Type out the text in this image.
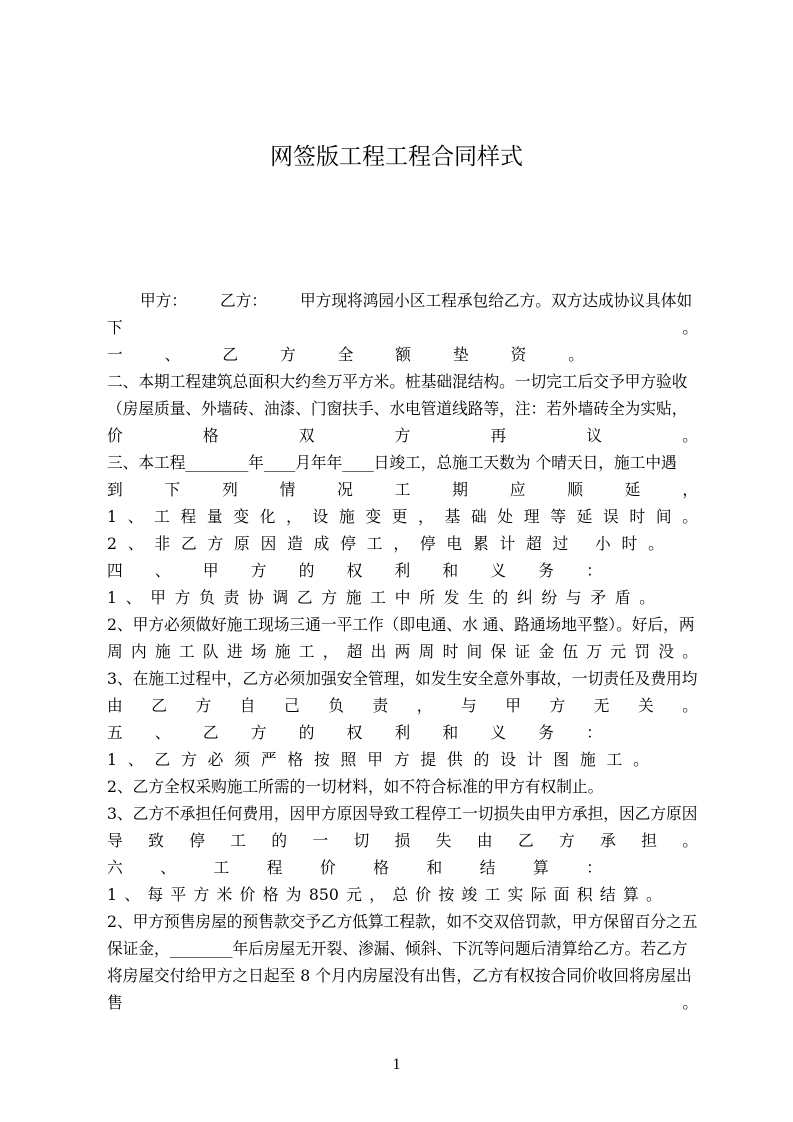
网签版工程工程合同样式
甲方： 乙方： 甲方现将鸿园小区工程承包给乙方。双方达成协议具体如
下	。
一	、	乙	方	全	额	垫	资	。
二、本期工程建筑总面积大约叁万平方米。桩基础混结构。一切完工后交予甲方验收
（房屋质量、外墙砖、油漆、门窗扶手、水电管道线路等，注：若外墙砖全为实贴，
价	格	双	方	再	议	。
三、本工程________年____月年年____日竣工，总施工天数为 个晴天日，施工中遇
到	下	列	情	况	工	期	应	顺	延	，
1 、 工 程 量 变 化 ， 设 施 变 更 ， 基 础 处 理 等 延 误 时 间 。
2 、 非 乙 方 原 因 造 成 停 工 ， 停 电 累 计 超 过
小 时 。
四 、 甲 方 的 权 利 和 义 务 ：
1 、 甲 方 负 责 协 调 乙 方 施 工 中 所 发 生 的 纠 纷 与 矛 盾 。
2、甲方必须做好施工现场三通一平工作（即电通、水 通、路通场地平整）。好后，两
周 内 施 工 队 进 场 施 工 ， 超 出 两 周 时 间 保 证 金 伍 万 元 罚 没 。
3、在施工过程中，乙方必须加强安全管理，如发生安全意外事故，一切责任及费用均
由 乙 方 自 己 负 责 ， 与 甲 方 无 关 。
五 、 乙 方 的 权 利 和 义 务 ：
1 、 乙 方 必 须 严 格 按 照 甲 方 提 供 的 设 计 图 施 工 。
2、乙方全权采购施工所需的一切材料，如不符合标准的甲方有权制止。
3、乙方不承担任何费用，因甲方原因导致工程停工一切损失由甲方承担，因乙方原因
导 致 停 工 的 一 切 损 失 由 乙 方 承 担 。
六 、 工 程 价 格 和 结 算 ：
1 、 每 平 方 米 价 格 为 850 元 ， 总 价 按 竣 工 实 际 面 积 结 算 。
2、甲方预售房屋的预售款交予乙方低算工程款，如不交双倍罚款，甲方保留百分之五
保证金，________年后房屋无开裂、渗漏、倾斜、下沉等问题后清算给乙方。若乙方
将房屋交付给甲方之日起至 8 个月内房屋没有出售，乙方有权按合同价收回将房屋出
售	。
1
